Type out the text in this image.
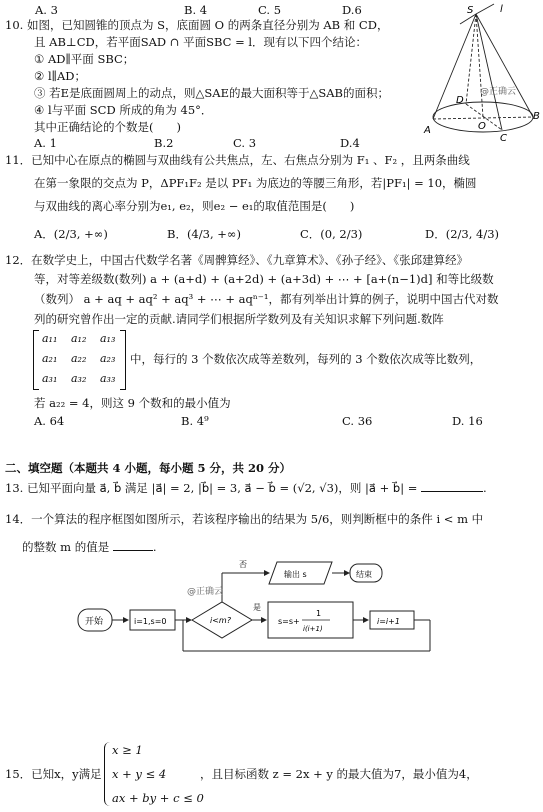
A. 3	B. 4	C. 5	D.6
10. 如图，已知圆锥的顶点为 S，底面圆 O 的两条直径分别为 AB 和 CD，
且 AB⊥CD，若平面SAD ∩ 平面SBC = l．现有以下四个结论：
① AD∥平面 SBC；
② l∥AD；
③ 若E是底面圆周上的动点，则△SAE的最大面积等于△SAB的面积；
④ l与平面 SCD 所成的角为 45°．
其中正确结论的个数是(　　)
A. 1	B.2	C. 3	D.4
S	l
D
O
A
B
C
@正确云
11．已知中心在原点的椭圆与双曲线有公共焦点，左、右焦点分别为 F₁ 、F₂ ，且两条曲线
在第一象限的交点为 P，ΔPF₁F₂ 是以 PF₁ 为底边的等腰三角形，若|PF₁| = 10，椭圆
与双曲线的离心率分别为e₁, e₂，则e₂ − e₁的取值范围是(　　)
A．(2/3, +∞)	B．(4/3, +∞)	C．(0, 2/3)	D．(2/3, 4/3)
12．在数学史上，中国古代数学名著《周髀算经》、《九章算术》、《孙子经》、《张邱建算经》
等，对等差级数(数列) a + (a+d) + (a+2d) + (a+3d) + ⋯ + [a+(n−1)d] 和等比级数
（数列） a + aq + aq² + aq³ + ⋯ + aqⁿ⁻¹，都有列举出计算的例子，说明中国古代对数
列的研究曾作出一定的贡献.请同学们根据所学数列及有关知识求解下列问题.数阵
a₁₁ a₁₂ a₁₃
a₂₁ a₂₂ a₂₃
a₃₁ a₃₂ a₃₃
中，每行的 3 个数依次成等差数列，每列的 3 个数依次成等比数列，
若 a₂₂ = 4，则这 9 个数和的最小值为
A. 64	B. 4⁹	C. 36	D. 16
二、填空题（本题共 4 小题，每小题 5 分，共 20 分）
13. 已知平面向量 a⃗, b⃗ 满足 |a⃗| = 2, |b⃗| = 3, a⃗ − b⃗ = (√2, √3)，则 |a⃗ + b⃗| =	.
14．一个算法的程序框图如图所示，若该程序输出的结果为 5/6，则判断框中的条件 i < m 中
的整数 m 的值是	.
开始	i=1,s=0	i<m?
否
输出 s	结束
是
s=s+
1
i(i+1)
i=i+1
@正确云
15．已知x，y满足
x ≥ 1
x + y ≤ 4
ax + by + c ≤ 0
，且目标函数 z = 2x + y 的最大值为7，最小值为4，
